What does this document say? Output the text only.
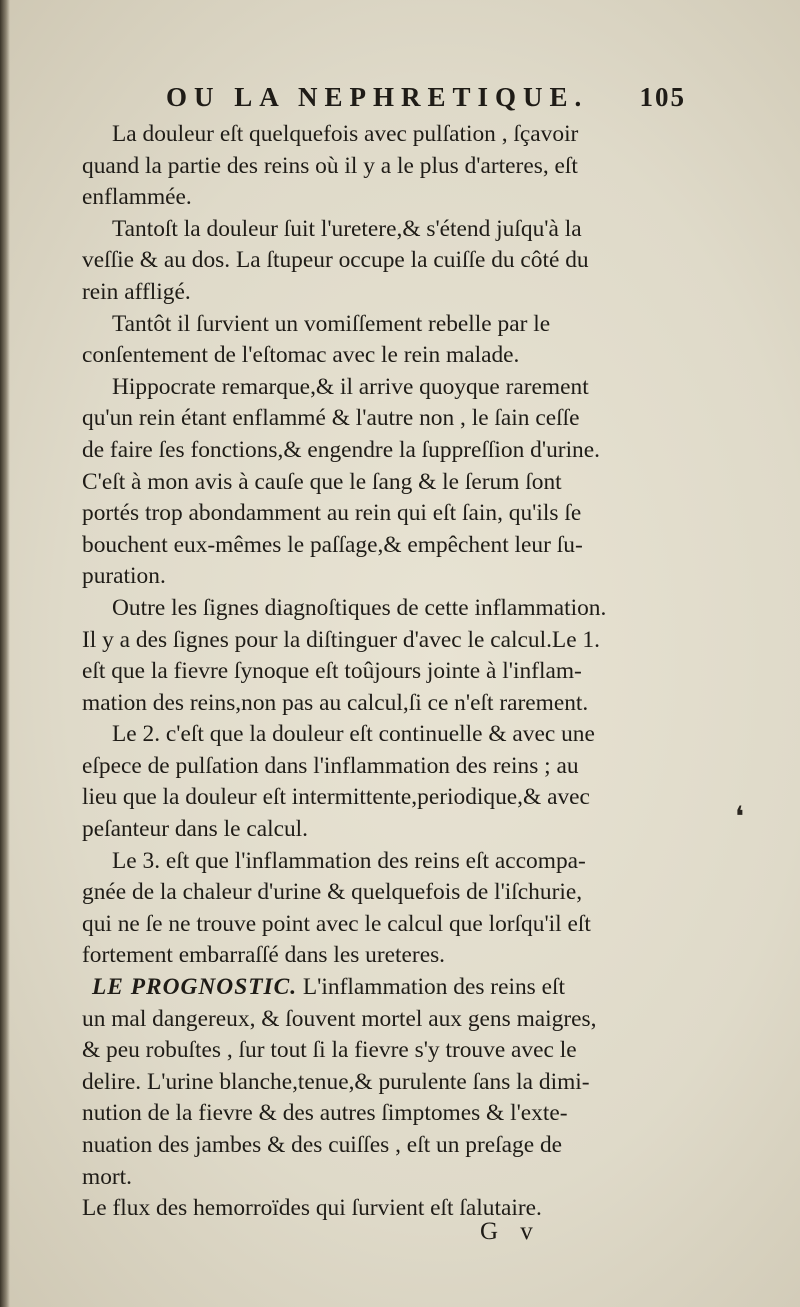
OU LA NEPHRETIQUE. 105
La douleur eſt quelquefois avec pulſation , ſçavoir
quand la partie des reins où il y a le plus d'arteres, eſt
enflammée.
Tantoſt la douleur ſuit l'uretere,& s'étend juſqu'à la
veſſie & au dos. La ſtupeur occupe la cuiſſe du côté du
rein affligé.
Tantôt il ſurvient un vomiſſement rebelle par le
conſentement de l'eſtomac avec le rein malade.
Hippocrate remarque,& il arrive quoyque rarement
qu'un rein étant enflammé & l'autre non , le ſain ceſſe
de faire ſes fonctions,& engendre la ſuppreſſion d'urine.
C'eſt à mon avis à cauſe que le ſang & le ſerum ſont
portés trop abondamment au rein qui eſt ſain, qu'ils ſe
bouchent eux-mêmes le paſſage,& empêchent leur ſu-
puration.
Outre les ſignes diagnoſtiques de cette inflammation.
Il y a des ſignes pour la diſtinguer d'avec le calcul.Le 1.
eſt que la fievre ſynoque eſt toûjours jointe à l'inflam-
mation des reins,non pas au calcul,ſi ce n'eſt rarement.
Le 2. c'eſt que la douleur eſt continuelle & avec une
eſpece de pulſation dans l'inflammation des reins ; au
lieu que la douleur eſt intermittente,periodique,& avec
peſanteur dans le calcul.
Le 3. eſt que l'inflammation des reins eſt accompa-
gnée de la chaleur d'urine & quelquefois de l'iſchurie,
qui ne ſe ne trouve point avec le calcul que lorſqu'il eſt
fortement embarraſſé dans les ureteres.
LE PROGNOSTIC. L'inflammation des reins eſt
un mal dangereux, & ſouvent mortel aux gens maigres,
& peu robuſtes , ſur tout ſi la fievre s'y trouve avec le
delire. L'urine blanche,tenue,& purulente ſans la dimi-
nution de la fievre & des autres ſimptomes & l'exte-
nuation des jambes & des cuiſſes , eſt un preſage de
mort.
Le flux des hemorroïdes qui ſurvient eſt ſalutaire.
❛
G v
